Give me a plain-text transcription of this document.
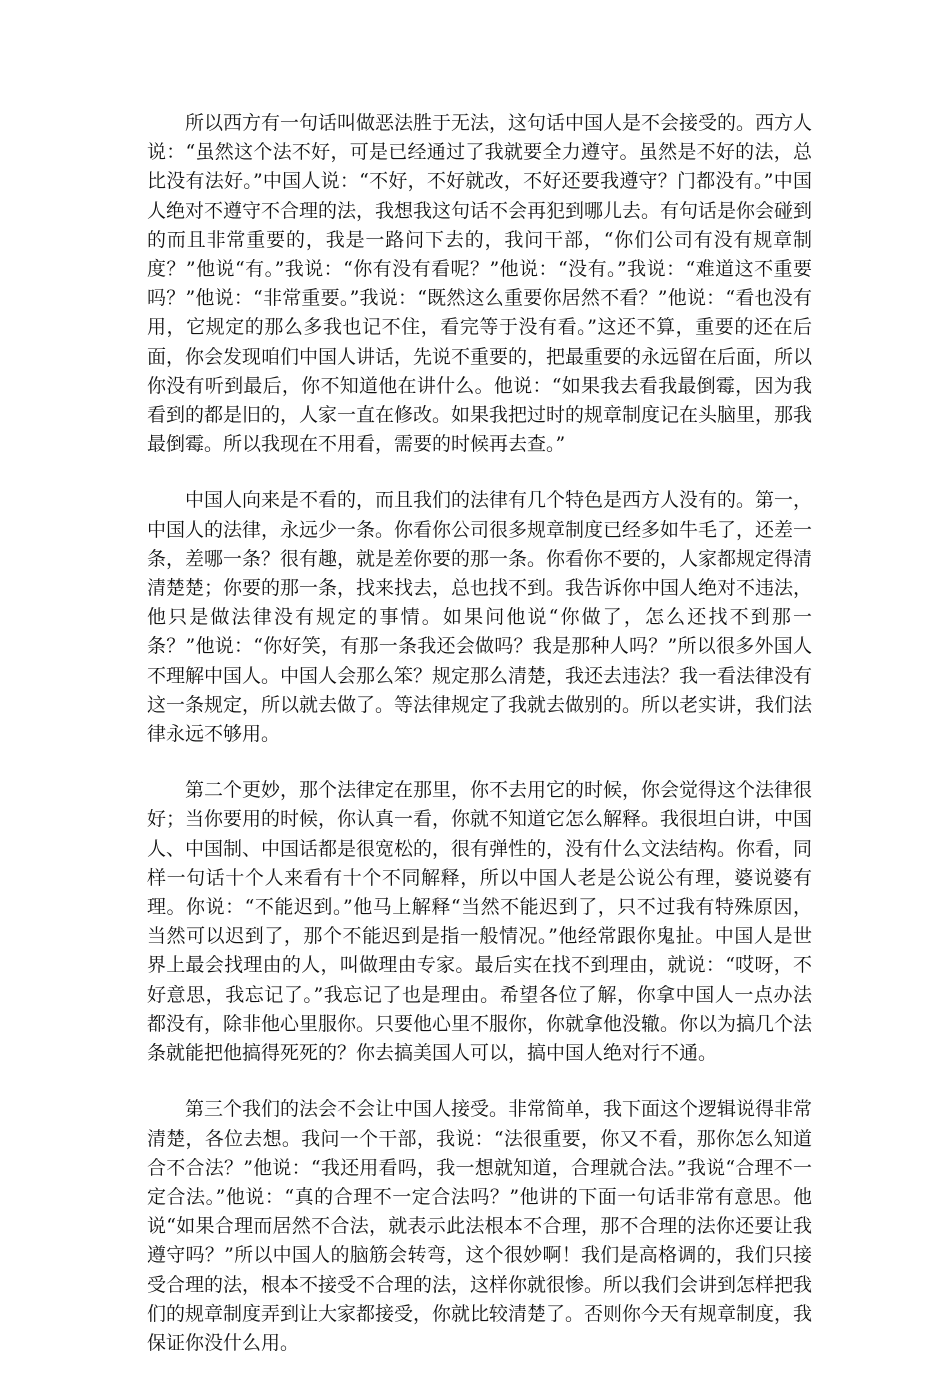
所以西方有一句话叫做恶法胜于无法，这句话中国人是不会接受的。西方人说：“虽然这个法不好，可是已经通过了我就要全力遵守。虽然是不好的法，总比没有法好。”中国人说：“不好，不好就改，不好还要我遵守？门都没有。”中国人绝对不遵守不合理的法，我想我这句话不会再犯到哪儿去。有句话是你会碰到的而且非常重要的，我是一路问下去的，我问干部，“你们公司有没有规章制度？”他说“有。”我说：“你有没有看呢？”他说：“没有。”我说：“难道这不重要吗？”他说：“非常重要。”我说：“既然这么重要你居然不看？”他说：“看也没有用，它规定的那么多我也记不住，看完等于没有看。”这还不算，重要的还在后面，你会发现咱们中国人讲话，先说不重要的，把最重要的永远留在后面，所以你没有听到最后，你不知道他在讲什么。他说：“如果我去看我最倒霉，因为我看到的都是旧的，人家一直在修改。如果我把过时的规章制度记在头脑里，那我最倒霉。所以我现在不用看，需要的时候再去查。”

中国人向来是不看的，而且我们的法律有几个特色是西方人没有的。第一，中国人的法律，永远少一条。你看你公司很多规章制度已经多如牛毛了，还差一条，差哪一条？很有趣，就是差你要的那一条。你看你不要的，人家都规定得清清楚楚；你要的那一条，找来找去，总也找不到。我告诉你中国人绝对不违法，他只是做法律没有规定的事情。如果问他说“你做了，怎么还找不到那一条？”他说：“你好笑，有那一条我还会做吗？我是那种人吗？”所以很多外国人不理解中国人。中国人会那么笨？规定那么清楚，我还去违法？我一看法律没有这一条规定，所以就去做了。等法律规定了我就去做别的。所以老实讲，我们法律永远不够用。

第二个更妙，那个法律定在那里，你不去用它的时候，你会觉得这个法律很好；当你要用的时候，你认真一看，你就不知道它怎么解释。我很坦白讲，中国人、中国制、中国话都是很宽松的，很有弹性的，没有什么文法结构。你看，同样一句话十个人来看有十个不同解释，所以中国人老是公说公有理，婆说婆有理。你说：“不能迟到。”他马上解释“当然不能迟到了，只不过我有特殊原因，当然可以迟到了，那个不能迟到是指一般情况。”他经常跟你鬼扯。中国人是世界上最会找理由的人，叫做理由专家。最后实在找不到理由，就说：“哎呀，不好意思，我忘记了。”我忘记了也是理由。希望各位了解，你拿中国人一点办法都没有，除非他心里服你。只要他心里不服你，你就拿他没辙。你以为搞几个法条就能把他搞得死死的？你去搞美国人可以，搞中国人绝对行不通。

第三个我们的法会不会让中国人接受。非常简单，我下面这个逻辑说得非常清楚，各位去想。我问一个干部，我说：“法很重要，你又不看，那你怎么知道合不合法？”他说：“我还用看吗，我一想就知道，合理就合法。”我说“合理不一定合法。”他说：“真的合理不一定合法吗？”他讲的下面一句话非常有意思。他说“如果合理而居然不合法，就表示此法根本不合理，那不合理的法你还要让我遵守吗？”所以中国人的脑筋会转弯，这个很妙啊！我们是高格调的，我们只接受合理的法，根本不接受不合理的法，这样你就很惨。所以我们会讲到怎样把我们的规章制度弄到让大家都接受，你就比较清楚了。否则你今天有规章制度，我保证你没什么用。
